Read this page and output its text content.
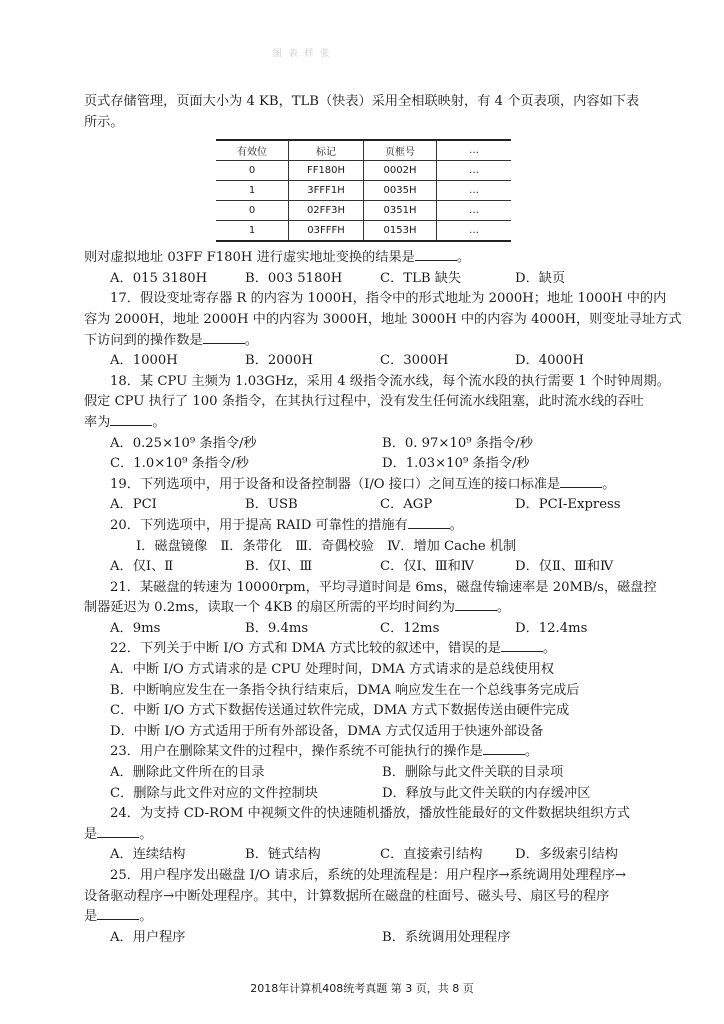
图 表 样 张
页式存储管理，页面大小为 4 KB，TLB（快表）采用全相联映射，有 4 个页表项，内容如下表
所示。
有效位	标记	页框号	…
0	FF180H	0002H	…
1	3FFF1H	0035H	…
0	02FF3H	0351H	…
1	03FFFH	0153H	…
则对虚拟地址 03FF F180H 进行虚实地址变换的结果是	。
A．015 3180H	B．003 5180H	C．TLB 缺失	D．缺页
17．假设变址寄存器 R 的内容为 1000H，指令中的形式地址为 2000H；地址 1000H 中的内
容为 2000H，地址 2000H 中的内容为 3000H，地址 3000H 中的内容为 4000H，则变址寻址方式
下访问到的操作数是	。
A．1000H	B．2000H	C．3000H	D．4000H
18．某 CPU 主频为 1.03GHz，采用 4 级指令流水线，每个流水段的执行需要 1 个时钟周期。
假定 CPU 执行了 100 条指令，在其执行过程中，没有发生任何流水线阻塞，此时流水线的吞吐
率为	。
A．0.25×10⁹ 条指令/秒	B．0. 97×10⁹ 条指令/秒
C．1.0×10⁹ 条指令/秒	D．1.03×10⁹ 条指令/秒
19．下列选项中，用于设备和设备控制器（I/O 接口）之间互连的接口标准是	。
A．PCI	B．USB	C．AGP	D．PCI-Express
20．下列选项中，用于提高 RAID 可靠性的措施有	。
Ⅰ．磁盘镜像　Ⅱ．条带化　Ⅲ．奇偶校验　Ⅳ．增加 Cache 机制
A．仅Ⅰ、Ⅱ	B．仅Ⅰ、Ⅲ	C．仅Ⅰ、Ⅲ和Ⅳ	D．仅Ⅱ、Ⅲ和Ⅳ
21．某磁盘的转速为 10000rpm，平均寻道时间是 6ms，磁盘传输速率是 20MB/s，磁盘控
制器延迟为 0.2ms，读取一个 4KB 的扇区所需的平均时间约为	。
A．9ms	B．9.4ms	C．12ms	D．12.4ms
22．下列关于中断 I/O 方式和 DMA 方式比较的叙述中，错误的是	。
A．中断 I/O 方式请求的是 CPU 处理时间，DMA 方式请求的是总线使用权
B．中断响应发生在一条指令执行结束后，DMA 响应发生在一个总线事务完成后
C．中断 I/O 方式下数据传送通过软件完成，DMA 方式下数据传送由硬件完成
D．中断 I/O 方式适用于所有外部设备，DMA 方式仅适用于快速外部设备
23．用户在删除某文件的过程中，操作系统不可能执行的操作是	。
A．删除此文件所在的目录	B．删除与此文件关联的目录项
C．删除与此文件对应的文件控制块	D．释放与此文件关联的内存缓冲区
24．为支持 CD-ROM 中视频文件的快速随机播放，播放性能最好的文件数据块组织方式
是	。
A．连续结构	B．链式结构	C．直接索引结构	D．多级索引结构
25．用户程序发出磁盘 I/O 请求后，系统的处理流程是：用户程序→系统调用处理程序→
设备驱动程序→中断处理程序。其中，计算数据所在磁盘的柱面号、磁头号、扇区号的程序
是	。
A．用户程序	B．系统调用处理程序
2018年计算机408统考真题 第 3 页，共 8 页
